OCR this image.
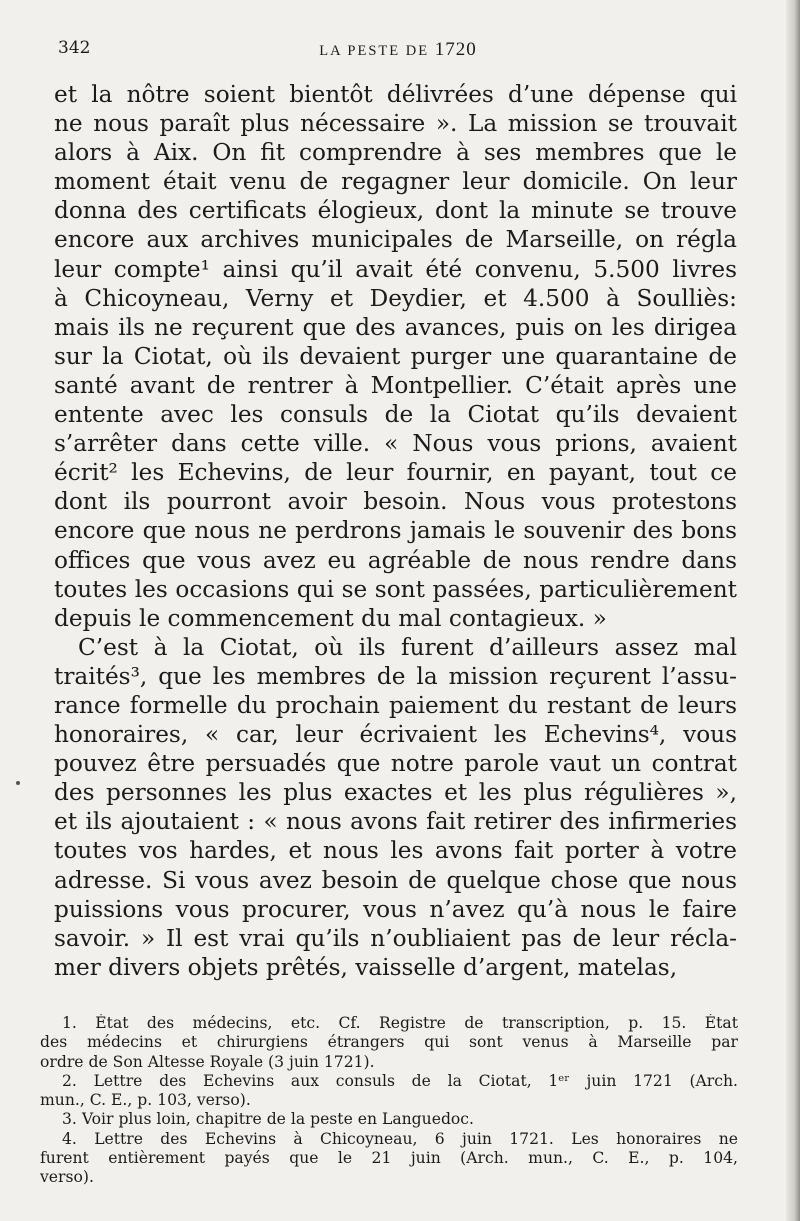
342	LA PESTE DE 1720
et la nôtre soient bientôt délivrées d’une dépense qui
ne nous paraît plus nécessaire ». La mission se trouvait
alors à Aix. On fit comprendre à ses membres que le
moment était venu de regagner leur domicile. On leur
donna des certificats élogieux, dont la minute se trouve
encore aux archives municipales de Marseille, on régla
leur compte¹ ainsi qu’il avait été convenu, 5.500 livres
à Chicoyneau, Verny et Deydier, et 4.500 à Soulliès:
mais ils ne reçurent que des avances, puis on les dirigea
sur la Ciotat, où ils devaient purger une quarantaine de
santé avant de rentrer à Montpellier. C’était après une
entente avec les consuls de la Ciotat qu’ils devaient
s’arrêter dans cette ville. « Nous vous prions, avaient
écrit² les Echevins, de leur fournir, en payant, tout ce
dont ils pourront avoir besoin. Nous vous protestons
encore que nous ne perdrons jamais le souvenir des bons
offices que vous avez eu agréable de nous rendre dans
toutes les occasions qui se sont passées, particulièrement
depuis le commencement du mal contagieux. »
C’est à la Ciotat, où ils furent d’ailleurs assez mal
traités³, que les membres de la mission reçurent l’assu-
rance formelle du prochain paiement du restant de leurs
honoraires, « car, leur écrivaient les Echevins⁴, vous
pouvez être persuadés que notre parole vaut un contrat
des personnes les plus exactes et les plus régulières »,
et ils ajoutaient : « nous avons fait retirer des infirmeries
toutes vos hardes, et nous les avons fait porter à votre
adresse. Si vous avez besoin de quelque chose que nous
puissions vous procurer, vous n’avez qu’à nous le faire
savoir. » Il est vrai qu’ils n’oubliaient pas de leur récla-
mer divers objets prêtés, vaisselle d’argent, matelas,
1. État des médecins, etc. Cf. Registre de transcription, p. 15. État
des médecins et chirurgiens étrangers qui sont venus à Marseille par
ordre de Son Altesse Royale (3 juin 1721).
2. Lettre des Echevins aux consuls de la Ciotat, 1ᵉʳ juin 1721 (Arch.
mun., C. E., p. 103, verso).
3. Voir plus loin, chapitre de la peste en Languedoc.
4. Lettre des Echevins à Chicoyneau, 6 juin 1721. Les honoraires ne
furent entièrement payés que le 21 juin (Arch. mun., C. E., p. 104,
verso).
